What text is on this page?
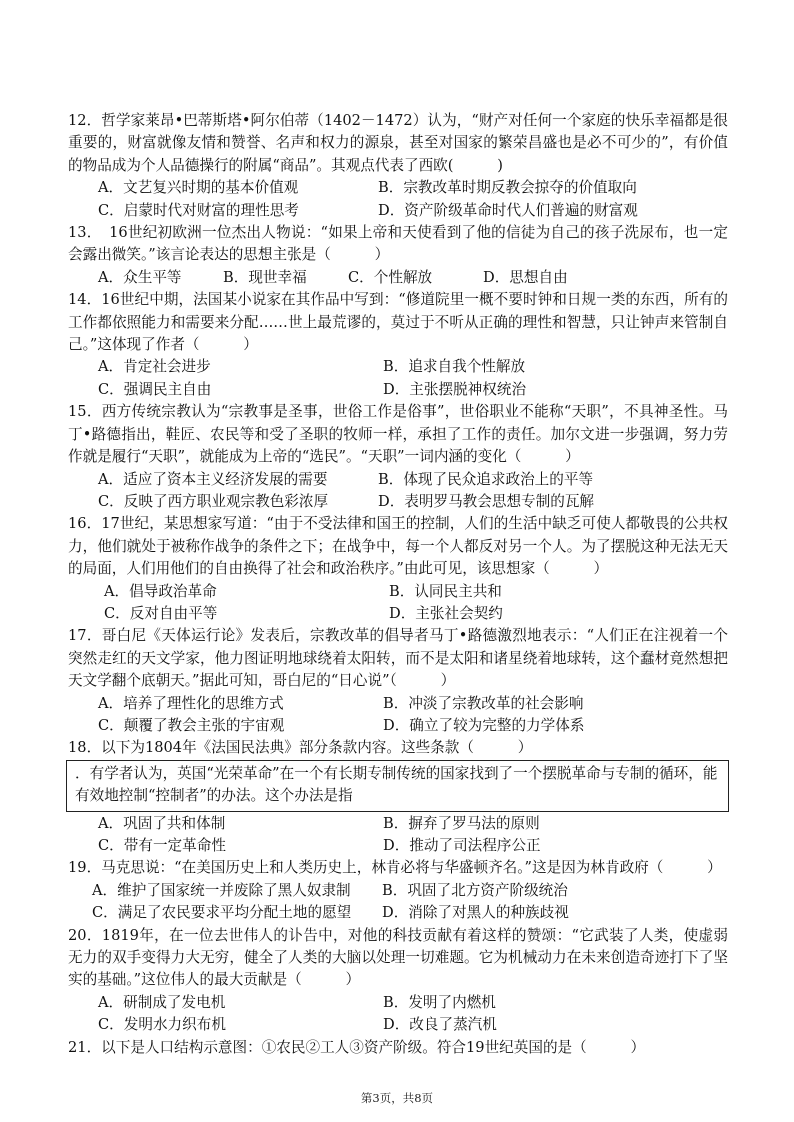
12．哲学家莱昂•巴蒂斯塔•阿尔伯蒂（1402－1472）认为，“财产对任何一个家庭的快乐幸福都是很重要的，财富就像友情和赞誉、名声和权力的源泉，甚至对国家的繁荣昌盛也是必不可少的”，有价值的物品成为个人品德操行的附属“商品”。其观点代表了西欧(　　　)
A．文艺复兴时期的基本价值观	B．宗教改革时期反教会掠夺的价值取向
C．启蒙时代对财富的理性思考	D．资产阶级革命时代人们普遍的财富观
13．　16世纪初欧洲一位杰出人物说：“如果上帝和天使看到了他的信徒为自己的孩子洗尿布，也一定会露出微笑。”该言论表达的思想主张是（　　　）
A．众生平等	B．现世幸福	C．个性解放	D．思想自由
14．16世纪中期，法国某小说家在其作品中写到：“修道院里一概不要时钟和日规一类的东西，所有的工作都依照能力和需要来分配……世上最荒谬的，莫过于不听从正确的理性和智慧，只让钟声来管制自己。”这体现了作者（　　　）
A．肯定社会进步	B．追求自我个性解放
C．强调民主自由	D．主张摆脱神权统治
15．西方传统宗教认为“宗教事是圣事，世俗工作是俗事”，世俗职业不能称“天职”，不具神圣性。马丁•路德指出，鞋匠、农民等和受了圣职的牧师一样，承担了工作的责任。加尔文进一步强调，努力劳作就是履行“天职”，就能成为上帝的“选民”。“天职”一词内涵的变化（　　　）
A．适应了资本主义经济发展的需要	B．体现了民众追求政治上的平等
C．反映了西方职业观宗教色彩浓厚	D．表明罗马教会思想专制的瓦解
16．17世纪，某思想家写道：“由于不受法律和国王的控制，人们的生活中缺乏可使人都敬畏的公共权力，他们就处于被称作战争的条件之下；在战争中，每一个人都反对另一个人。为了摆脱这种无法无天的局面，人们用他们的自由换得了社会和政治秩序。”由此可见，该思想家（　　　）
A．倡导政治革命	B．认同民主共和
C．反对自由平等	D．主张社会契约
17．哥白尼《天体运行论》发表后，宗教改革的倡导者马丁•路德激烈地表示：“人们正在注视着一个突然走红的天文学家，他力图证明地球绕着太阳转，而不是太阳和诸星绕着地球转，这个蠢材竟然想把天文学翻个底朝天。”据此可知，哥白尼的“日心说”（　　　）
A．培养了理性化的思维方式	B．冲淡了宗教改革的社会影响
C．颠覆了教会主张的宇宙观	D．确立了较为完整的力学体系
18．以下为1804年《法国民法典》部分条款内容。这些条款（　　　）
．有学者认为，英国“光荣革命”在一个有长期专制传统的国家找到了一个摆脱革命与专制的循环，能有效地控制“控制者”的办法。这个办法是指
A．巩固了共和体制	B．摒弃了罗马法的原则
C．带有一定革命性	D．推动了司法程序公正
19．马克思说：“在美国历史上和人类历史上，林肯必将与华盛顿齐名。”这是因为林肯政府（　　　）
A．维护了国家统一并废除了黑人奴隶制	B．巩固了北方资产阶级统治
C．满足了农民要求平均分配土地的愿望	D．消除了对黑人的种族歧视
20．1819年，在一位去世伟人的讣告中，对他的科技贡献有着这样的赞颂：“它武装了人类，使虚弱无力的双手变得力大无穷，健全了人类的大脑以处理一切难题。它为机械动力在未来创造奇迹打下了坚实的基础。”这位伟人的最大贡献是（　　　）
A．研制成了发电机	B．发明了内燃机
C．发明水力织布机	D．改良了蒸汽机
21．以下是人口结构示意图：①农民②工人③资产阶级。符合19世纪英国的是（　　　）
第3页，共8页
